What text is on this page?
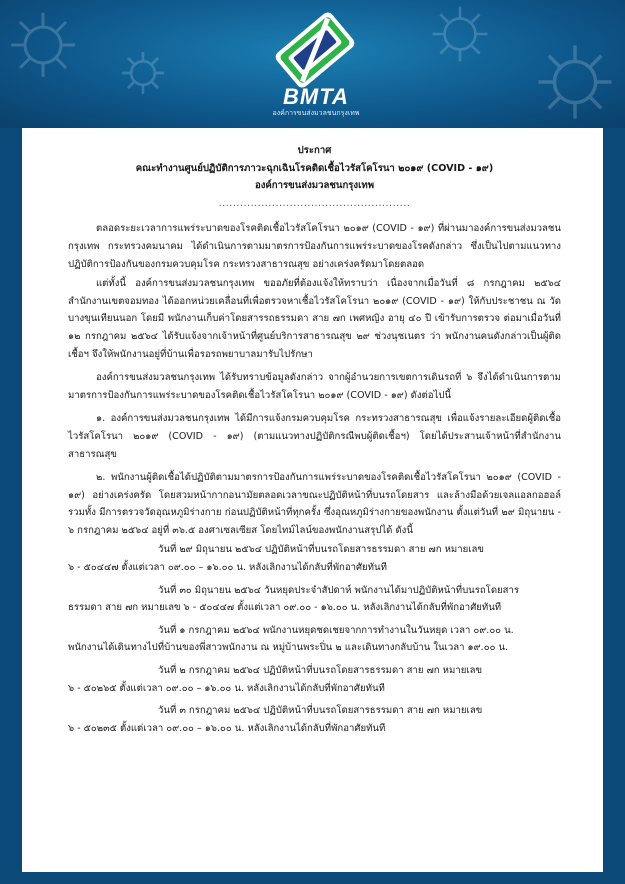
BMTA
องค์การขนส่งมวลชนกรุงเทพ
ประกาศ
คณะทำงานศูนย์ปฏิบัติการภาวะฉุกเฉินโรคติดเชื้อไวรัสโคโรนา ๒๐๑๙ (COVID - ๑๙)
องค์การขนส่งมวลชนกรุงเทพ
......................................................
ตลอดระยะเวลาการแพร่ระบาดของโรคติดเชื้อไวรัสโคโรนา ๒๐๑๙ (COVID - ๑๙) ที่ผ่านมาองค์การขนส่งมวลชนกรุงเทพ กระทรวงคมนาคม ได้ดำเนินการตามมาตรการป้องกันการแพร่ระบาดของโรคดังกล่าว ซึ่งเป็นไปตามแนวทางปฏิบัติการป้องกันของกรมควบคุมโรค กระทรวงสาธารณสุข อย่างเคร่งครัดมาโดยตลอด
แต่ทั้งนี้ องค์การขนส่งมวลชนกรุงเทพ ขออภัยที่ต้องแจ้งให้ทราบว่า เนื่องจากเมื่อวันที่ ๘ กรกฎาคม ๒๕๖๔ สำนักงานเขตจอมทอง ได้ออกหน่วยเคลื่อนที่เพื่อตรวจหาเชื้อไวรัสโคโรนา ๒๐๑๙ (COVID - ๑๙) ให้กับประชาชน ณ วัดบางขุนเทียนนอก โดยมี พนักงานเก็บค่าโดยสารรถธรรมดา สาย ๗ก เพศหญิง อายุ ๔๐ ปี เข้ารับการตรวจ ต่อมาเมื่อวันที่ ๑๒ กรกฎาคม ๒๕๖๔ ได้รับแจ้งจากเจ้าหน้าที่ศูนย์บริการสาธารณสุข ๒๙ ช่วงนุชเนตร ว่า พนักงานคนดังกล่าวเป็นผู้ติดเชื้อฯ จึงให้พนักงานอยู่ที่บ้านเพื่อรอรถพยาบาลมารับไปรักษา
องค์การขนส่งมวลชนกรุงเทพ ได้รับทราบข้อมูลดังกล่าว จากผู้อำนวยการเขตการเดินรถที่ ๖ จึงได้ดำเนินการตามมาตรการป้องกันการแพร่ระบาดของโรคติดเชื้อไวรัสโคโรนา ๒๐๑๙ (COVID - ๑๙) ดังต่อไปนี้
๑. องค์การขนส่งมวลชนกรุงเทพ ได้มีการแจ้งกรมควบคุมโรค กระทรวงสาธารณสุข เพื่อแจ้งรายละเอียดผู้ติดเชื้อไวรัสโคโรนา ๒๐๑๙ (COVID - ๑๙) (ตามแนวทางปฏิบัติกรณีพบผู้ติดเชื้อฯ) โดยได้ประสานเจ้าหน้าที่สำนักงานสาธารณสุข
๒. พนักงานผู้ติดเชื้อได้ปฏิบัติตามมาตรการป้องกันการแพร่ระบาดของโรคติดเชื้อไวรัสโคโรนา ๒๐๑๙ (COVID - ๑๙) อย่างเคร่งครัด โดยสวมหน้ากากอนามัยตลอดเวลาขณะปฏิบัติหน้าที่บนรถโดยสาร และล้างมือด้วยเจลแอลกอฮอล์ รวมทั้ง มีการตรวจวัดอุณหภูมิร่างกาย ก่อนปฏิบัติหน้าที่ทุกครั้ง ซึ่งอุณหภูมิร่างกายของพนักงาน ตั้งแต่วันที่ ๒๙ มิถุนายน - ๖ กรกฎาคม ๒๕๖๔ อยู่ที่ ๓๖.๕ องศาเซลเซียส โดยไทม์ไลน์ของพนักงานสรุปได้ ดังนี้
วันที่ ๒๙ มิถุนายน ๒๕๖๔ ปฏิบัติหน้าที่บนรถโดยสารธรรมดา สาย ๗ก หมายเลข
๖ - ๕๐๔๔๗ ตั้งแต่เวลา ๐๙.๐๐ – ๑๖.๐๐ น. หลังเลิกงานได้กลับที่พักอาศัยทันที
วันที่ ๓๐ มิถุนายน ๒๕๖๔ วันหยุดประจำสัปดาห์ พนักงานได้มาปฏิบัติหน้าที่บนรถโดยสาร
ธรรมดา สาย ๗ก หมายเลข ๖ - ๕๐๔๔๗ ตั้งแต่เวลา ๐๙.๐๐ - ๑๖.๐๐ น. หลังเลิกงานได้กลับที่พักอาศัยทันที
วันที่ ๑ กรกฎาคม ๒๕๖๔ พนักงานหยุดชดเชยจากการทำงานในวันหยุด เวลา ๐๙.๐๐ น.
พนักงานได้เดินทางไปที่บ้านของพี่สาวพนักงาน ณ หมู่บ้านพระปิ่น ๒ และเดินทางกลับบ้าน ในเวลา ๑๙.๐๐ น.
วันที่ ๒ กรกฎาคม ๒๕๖๔ ปฏิบัติหน้าที่บนรถโดยสารธรรมดา สาย ๗ก หมายเลข
๖ - ๕๐๒๖๕ ตั้งแต่เวลา ๐๙.๐๐ – ๑๖.๐๐ น. หลังเลิกงานได้กลับที่พักอาศัยทันที
วันที่ ๓ กรกฎาคม ๒๕๖๔ ปฏิบัติหน้าที่บนรถโดยสารธรรมดา สาย ๗ก หมายเลข
๖ - ๕๐๒๓๕ ตั้งแต่เวลา ๐๙.๐๐ – ๑๖.๐๐ น. หลังเลิกงานได้กลับที่พักอาศัยทันที
